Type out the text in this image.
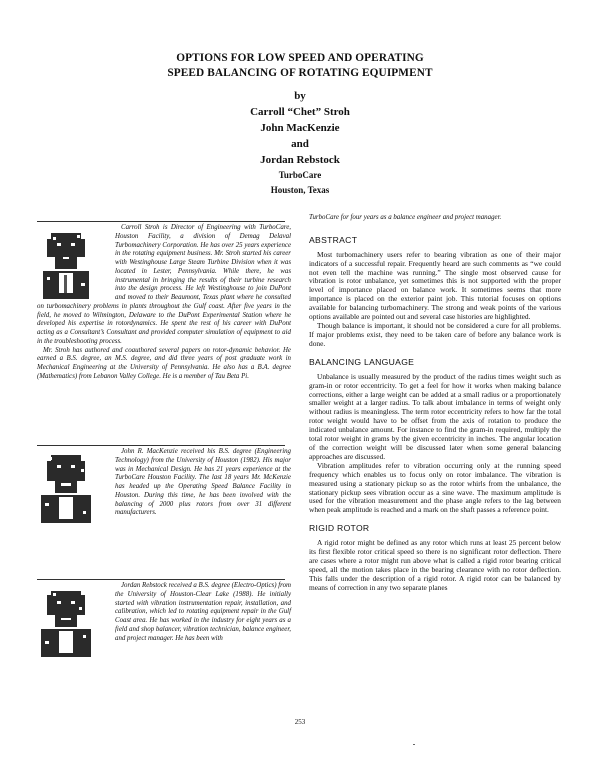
OPTIONS FOR LOW SPEED AND OPERATING
SPEED BALANCING OF ROTATING EQUIPMENT
by
Carroll “Chet” Stroh
John MacKenzie
and
Jordan Rebstock
TurboCare
Houston, Texas

Carroll Stroh is Director of Engineering with TurboCare, Houston Facility, a division of Demag Delaval Turbomachinery Corporation. He has over 25 years experience in the rotating equipment business. Mr. Stroh started his career with Westinghouse Large Steam Turbine Division when it was located in Lester, Pennsylvania. While there, he was instrumental in bringing the results of their turbine research into the design process. He left Westinghouse to join DuPont and moved to their Beaumont, Texas plant where he consulted on turbomachinery problems in plants throughout the Gulf coast. After five years in the field, he moved to Wilmington, Delaware to the DuPont Experimental Station where he developed his expertise in rotordynamics. He spent the rest of his career with DuPont acting as a Consultant’s Consultant and provided computer simulation of equipment to aid in the troubleshooting process.

Mr. Stroh has authored and coauthored several papers on rotor-dynamic behavior. He earned a B.S. degree, an M.S. degree, and did three years of post graduate work in Mechanical Engineering at the University of Pennsylvania. He also has a B.A. degree (Mathematics) from Lebanon Valley College. He is a member of Tau Beta Pi.

John R. MacKenzie received his B.S. degree (Engineering Technology) from the University of Houston (1982). His major was in Mechanical Design. He has 21 years experience at the TurboCare Houston Facility. The last 18 years Mr. McKenzie has headed up the Operating Speed Balance Facility in Houston. During this time, he has been involved with the balancing of 2000 plus rotors from over 31 different manufacturers.

Jordan Rebstock received a B.S. degree (Electro-Optics) from the University of Houston-Clear Lake (1988). He initially started with vibration instrumentation repair, installation, and calibration, which led to rotating equipment repair in the Gulf Coast area. He has worked in the industry for eight years as a field and shop balancer, vibration technician, balance engineer, and project manager. He has been with

TurboCare for four years as a balance engineer and project manager.

ABSTRACT

Most turbomachinery users refer to bearing vibration as one of their major indicators of a successful repair. Frequently heard are such comments as “we could not even tell the machine was running.” The single most observed cause for vibration is rotor unbalance, yet sometimes this is not supported with the proper level of importance placed on balance work. It sometimes seems that more importance is placed on the exterior paint job. This tutorial focuses on options available for balancing turbomachinery. The strong and weak points of the various options available are pointed out and several case histories are highlighted.

Though balance is important, it should not be considered a cure for all problems. If major problems exist, they need to be taken care of before any balance work is done.

BALANCING LANGUAGE

Unbalance is usually measured by the product of the radius times weight such as gram-in or rotor eccentricity. To get a feel for how it works when making balance corrections, either a large weight can be added at a small radius or a proportionately smaller weight at a larger radius. To talk about imbalance in terms of weight only without radius is meaningless. The term rotor eccentricity refers to how far the total rotor weight would have to be offset from the axis of rotation to produce the indicated unbalance amount. For instance to find the gram-in required, multiply the total rotor weight in grams by the given eccentricity in inches. The angular location of the correction weight will be discussed later when some general balancing approaches are discussed.

Vibration amplitudes refer to vibration occurring only at the running speed frequency which enables us to focus only on rotor imbalance. The vibration is measured using a stationary pickup so as the rotor whirls from the unbalance, the stationary pickup sees vibration occur as a sine wave. The maximum amplitude is used for the vibration measurement and the phase angle refers to the lag between when peak amplitude is reached and a mark on the shaft passes a reference point.

RIGID ROTOR

A rigid rotor might be defined as any rotor which runs at least 25 percent below its first flexible rotor critical speed so there is no significant rotor deflection. There are cases where a rotor might run above what is called a rigid rotor bearing critical speed, all the motion takes place in the bearing clearance with no rotor deflection. This falls under the description of a rigid rotor. A rigid rotor can be balanced by means of correction in any two separate planes

253
